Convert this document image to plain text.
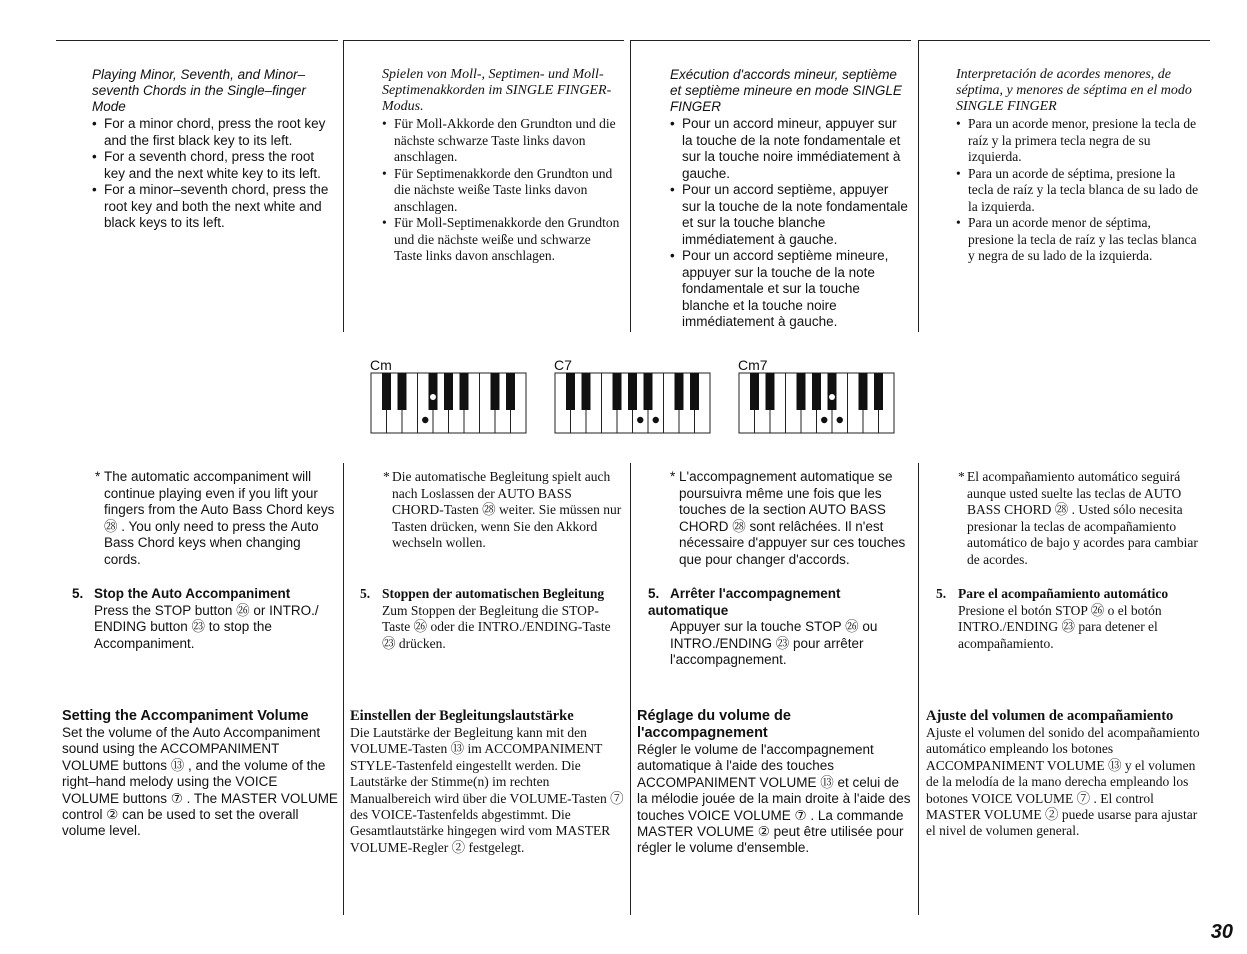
Playing Minor, Seventh, and Minor–seventh Chords in the Single–finger Mode
• For a minor chord, press the root key and the first black key to its left.
• For a seventh chord, press the root key and the next white key to its left.
• For a minor–seventh chord, press the root key and both the next white and black keys to its left.
* The automatic accompaniment will continue playing even if you lift your fingers from the Auto Bass Chord keys ㉘ . You only need to press the Auto Bass Chord keys when changing cords.
5. Stop the Auto Accompaniment
Press the STOP button ㉖ or INTRO./ ENDING button ㉓ to stop the Accompaniment.
Setting the Accompaniment Volume
Set the volume of the Auto Accompaniment sound using the ACCOMPANIMENT VOLUME buttons ⑬ , and the volume of the right–hand melody using the VOICE VOLUME buttons ⑦ . The MASTER VOLUME control ② can be used to set the overall volume level.
Spielen von Moll-, Septimen- und Moll-Septimenakkorden im SINGLE FINGER-Modus.
• Für Moll-Akkorde den Grundton und die nächste schwarze Taste links davon anschlagen.
• Für Septimenakkorde den Grundton und die nächste weiße Taste links davon anschlagen.
• Für Moll-Septimenakkorde den Grundton und die nächste weiße und schwarze Taste links davon anschlagen.
* Die automatische Begleitung spielt auch nach Loslassen der AUTO BASS CHORD-Tasten ㉘ weiter. Sie müssen nur Tasten drücken, wenn Sie den Akkord wechseln wollen.
5. Stoppen der automatischen Begleitung
Zum Stoppen der Begleitung die STOP-Taste ㉖ oder die INTRO./ENDING-Taste ㉓ drücken.
Einstellen der Begleitungslautstärke
Die Lautstärke der Begleitung kann mit den VOLUME-Tasten ⑬ im ACCOMPANIMENT STYLE-Tastenfeld eingestellt werden. Die Lautstärke der Stimme(n) im rechten Manualbereich wird über die VOLUME-Tasten ⑦ des VOICE-Tastenfelds abgestimmt. Die Gesamtlautstärke hingegen wird vom MASTER VOLUME-Regler ② festgelegt.
Exécution d'accords mineur, septième et septième mineure en mode SINGLE FINGER
• Pour un accord mineur, appuyer sur la touche de la note fondamentale et sur la touche noire immédiatement à gauche.
• Pour un accord septième, appuyer sur la touche de la note fondamentale et sur la touche blanche immédiatement à gauche.
• Pour un accord septième mineure, appuyer sur la touche de la note fondamentale et sur la touche blanche et la touche noire immédiatement à gauche.
* L'accompagnement automatique se poursuivra même une fois que les touches de la section AUTO BASS CHORD ㉘ sont relâchées. Il n'est nécessaire d'appuyer sur ces touches que pour changer d'accords.
5. Arrêter l'accompagnement automatique
Appuyer sur la touche STOP ㉖ ou INTRO./ENDING ㉓ pour arrêter l'accompagnement.
Réglage du volume de l'accompagnement
Régler le volume de l'accompagnement automatique à l'aide des touches ACCOMPANIMENT VOLUME ⑬ et celui de la mélodie jouée de la main droite à l'aide des touches VOICE VOLUME ⑦ . La commande MASTER VOLUME ② peut être utilisée pour régler le volume d'ensemble.
Interpretación de acordes menores, de séptima, y menores de séptima en el modo SINGLE FINGER
• Para un acorde menor, presione la tecla de raíz y la primera tecla negra de su izquierda.
• Para un acorde de séptima, presione la tecla de raíz y la tecla blanca de su lado de la izquierda.
• Para un acorde menor de séptima, presione la tecla de raíz y las teclas blanca y negra de su lado de la izquierda.
* El acompañamiento automático seguirá aunque usted suelte las teclas de AUTO BASS CHORD ㉘ . Usted sólo necesita presionar la teclas de acompañamiento automático de bajo y acordes para cambiar de acordes.
5. Pare el acompañamiento automático
Presione el botón STOP ㉖ o el botón INTRO./ENDING ㉓ para detener el acompañamiento.
Ajuste del volumen de acompañamiento
Ajuste el volumen del sonido del acompañamiento automático empleando los botones ACCOMPANIMENT VOLUME ⑬ y el volumen de la melodía de la mano derecha empleando los botones VOICE VOLUME ⑦ . El control MASTER VOLUME ② puede usarse para ajustar el nivel de volumen general.
Cm	C7	Cm7
30
